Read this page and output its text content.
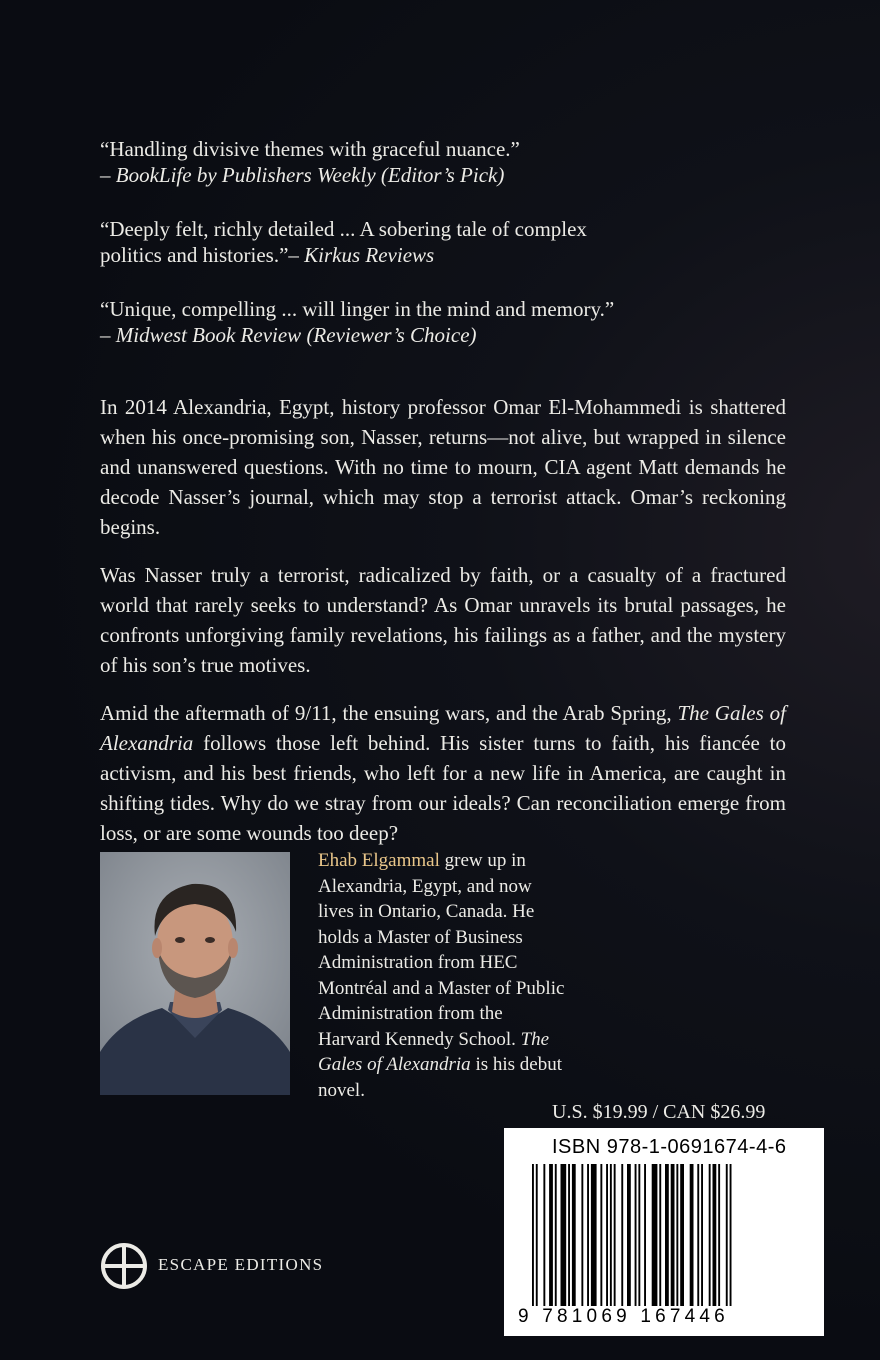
“Handling divisive themes with graceful nuance.”
– BookLife by Publishers Weekly (Editor’s Pick)
“Deeply felt, richly detailed ... A sobering tale of complex
politics and histories.”– Kirkus Reviews
“Unique, compelling ... will linger in the mind and memory.”
– Midwest Book Review (Reviewer’s Choice)

In 2014 Alexandria, Egypt, history professor Omar El-Mohammedi is shattered when his once-promising son, Nasser, returns—not alive, but wrapped in silence and unanswered questions. With no time to mourn, CIA agent Matt demands he decode Nasser’s journal, which may stop a terrorist attack. Omar’s reckoning begins.

Was Nasser truly a terrorist, radicalized by faith, or a casualty of a fractured world that rarely seeks to understand? As Omar unravels its brutal passages, he confronts unforgiving family revelations, his failings as a father, and the mystery of his son’s true motives.

Amid the aftermath of 9/11, the ensuing wars, and the Arab Spring, The Gales of Alexandria follows those left behind. His sister turns to faith, his fiancée to activism, and his best friends, who left for a new life in America, are caught in shifting tides. Why do we stray from our ideals? Can reconciliation emerge from loss, or are some wounds too deep?

Ehab Elgammal grew up in Alexandria, Egypt, and now lives in Ontario, Canada. He holds a Master of Business Administration from HEC Montréal and a Master of Public Administration from the Harvard Kennedy School. The Gales of Alexandria is his debut novel.
U.S. $19.99 / CAN $26.99
ISBN 978-1-0691674-4-6
9 781069 167446
ESCAPE EDITIONS
